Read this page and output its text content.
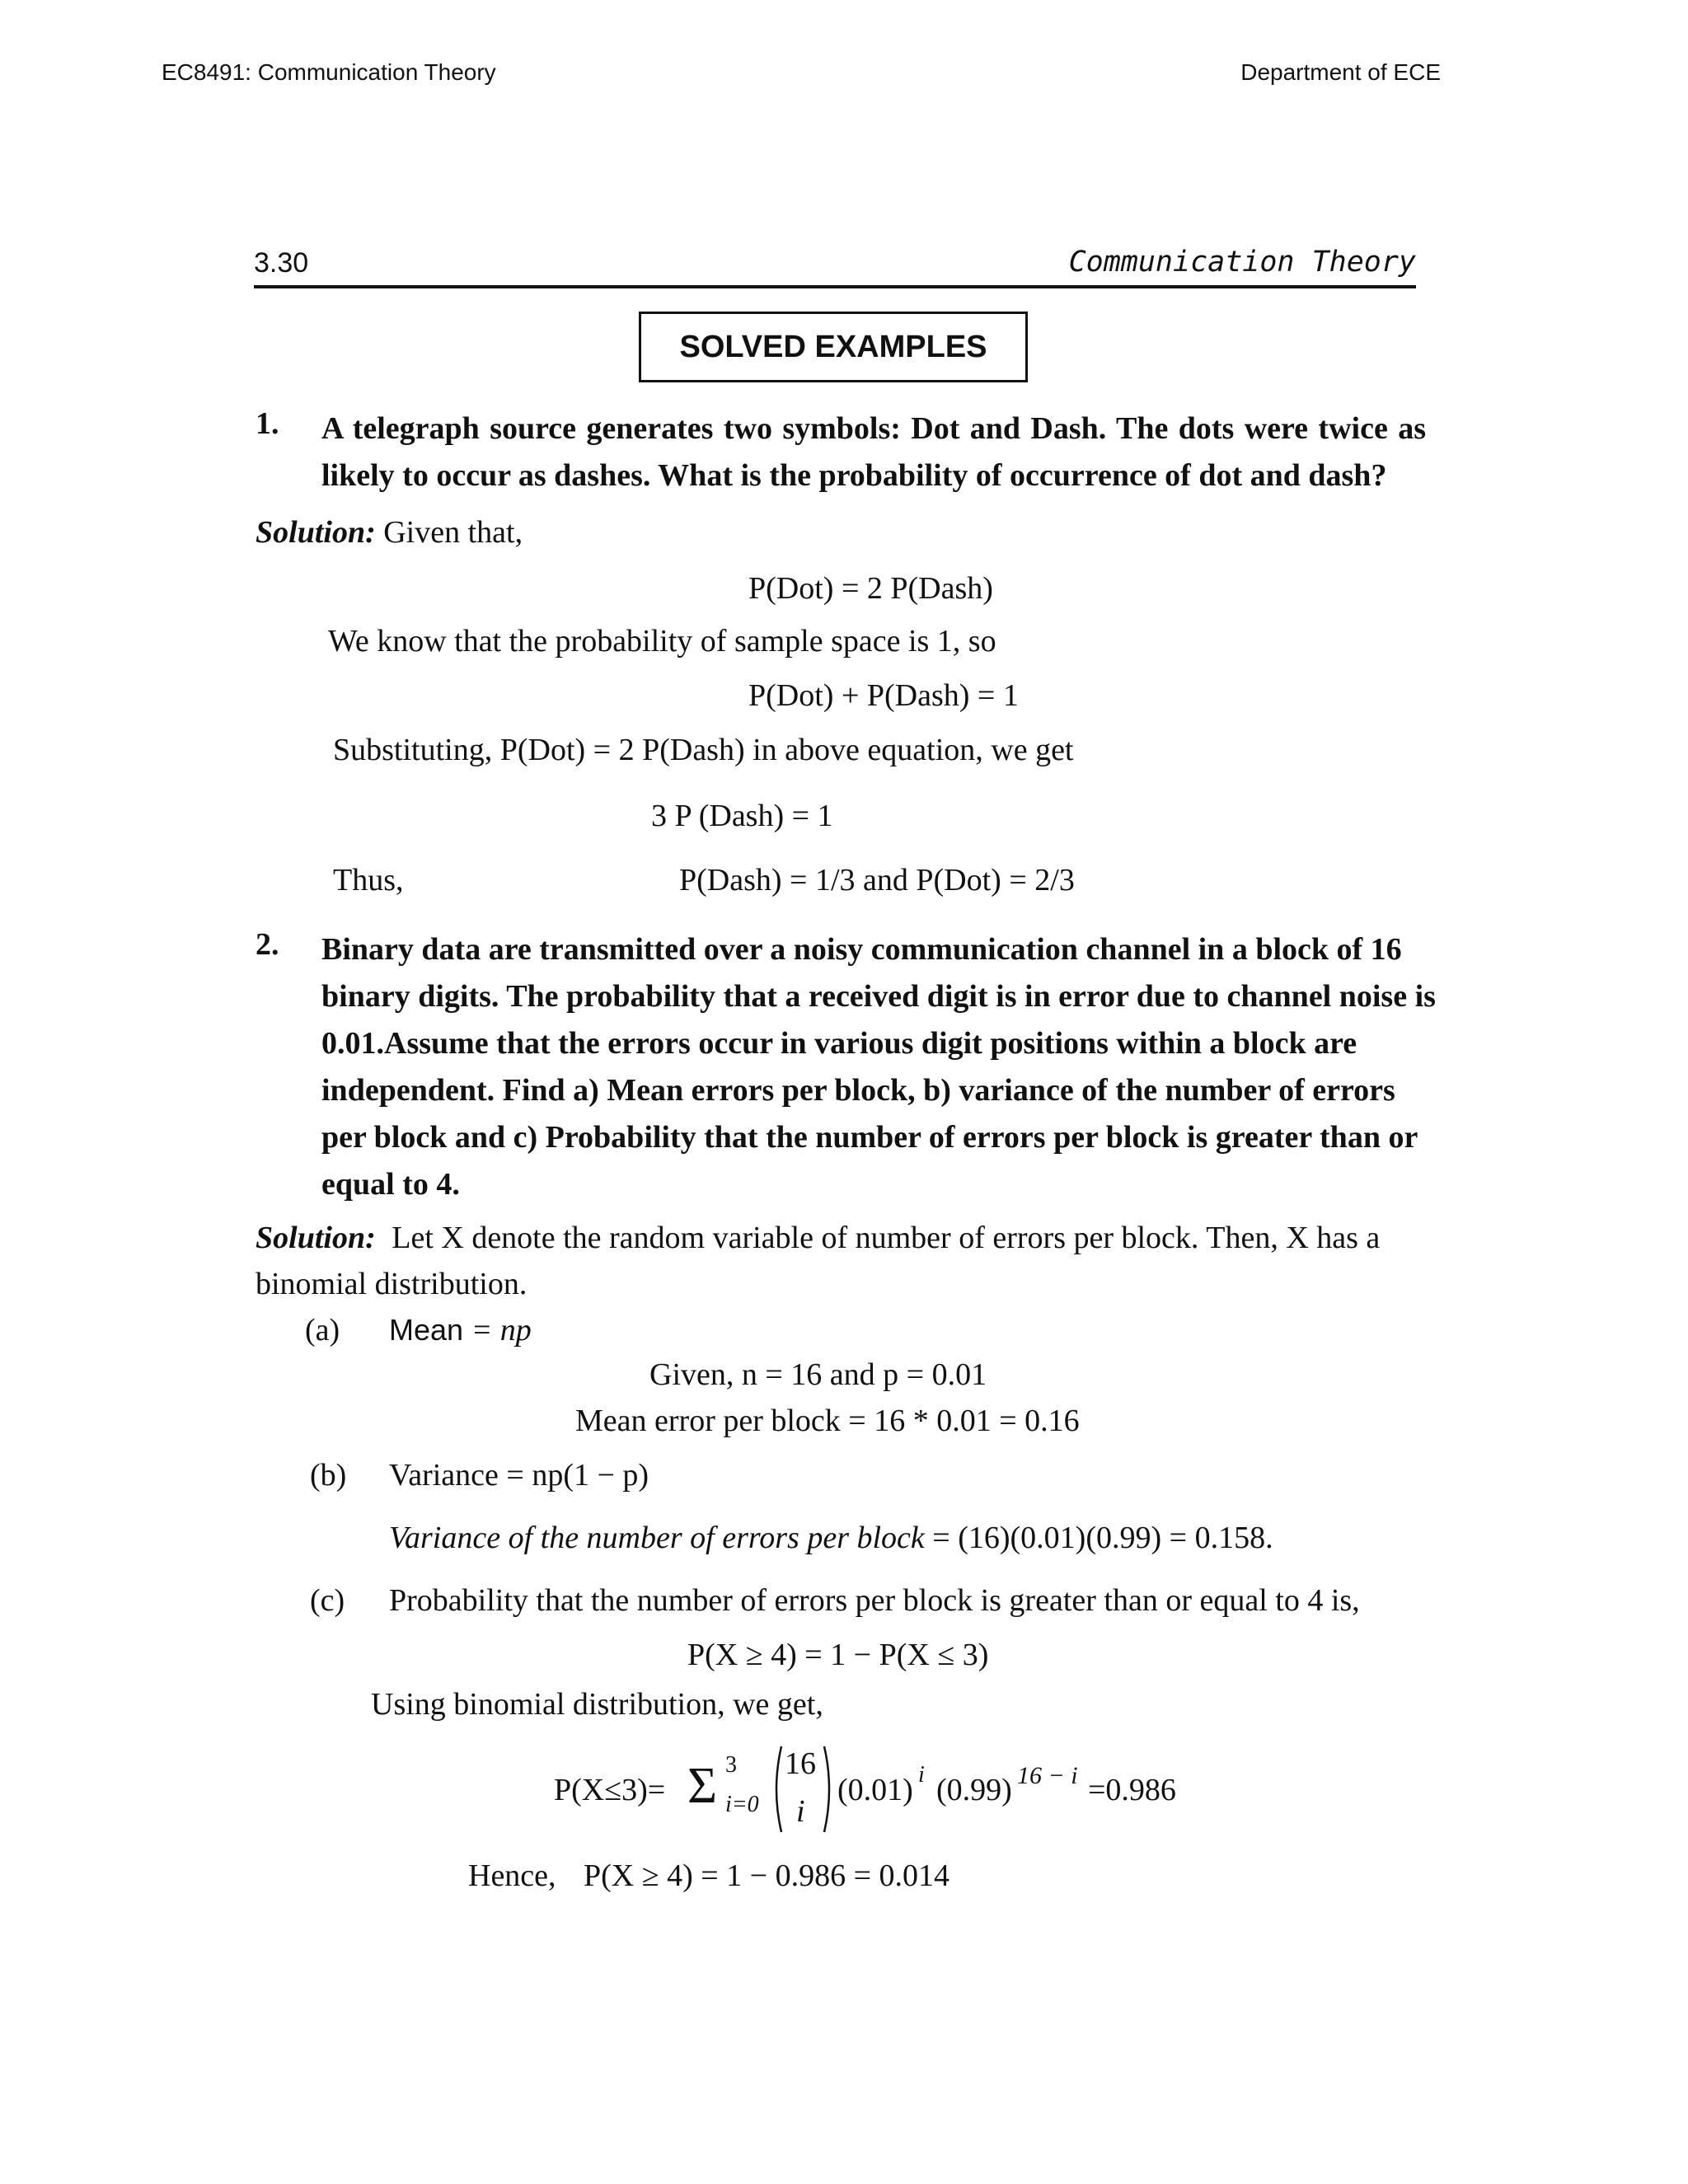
EC8491: Communication Theory	Department of ECE
3.30	Communication Theory
SOLVED EXAMPLES
1. A telegraph source generates two symbols: Dot and Dash. The dots were twice as likely to occur as dashes. What is the probability of occurrence of dot and dash?
Solution: Given that,
P(Dot) = 2 P(Dash)
We know that the probability of sample space is 1, so
P(Dot) + P(Dash) = 1
Substituting, P(Dot) = 2 P(Dash) in above equation, we get
3 P (Dash) = 1
Thus,	P(Dash) = 1/3 and P(Dot) = 2/3
2. Binary data are transmitted over a noisy communication channel in a block of 16
binary digits. The probability that a received digit is in error due to channel noise is
0.01.Assume that the errors occur in various digit positions within a block are
independent. Find a) Mean errors per block, b) variance of the number of errors
per block and c) Probability that the number of errors per block is greater than or
equal to 4.
Solution: Let X denote the random variable of number of errors per block. Then, X has a
binomial distribution.
(a) Mean = np
Given, n = 16 and p = 0.01
Mean error per block = 16 * 0.01 = 0.16
(b) Variance = np(1 − p)
Variance of the number of errors per block = (16)(0.01)(0.99) = 0.158.
(c) Probability that the number of errors per block is greater than or equal to 4 is,
P(X ≥ 4) = 1 − P(X ≤ 3)
Using binomial distribution, we get,
P(X≤3)= Σ 3
i=0
16
i
(0.01) i (0.99) 16 − i =0.986
Hence, P(X ≥ 4) = 1 − 0.986 = 0.014
